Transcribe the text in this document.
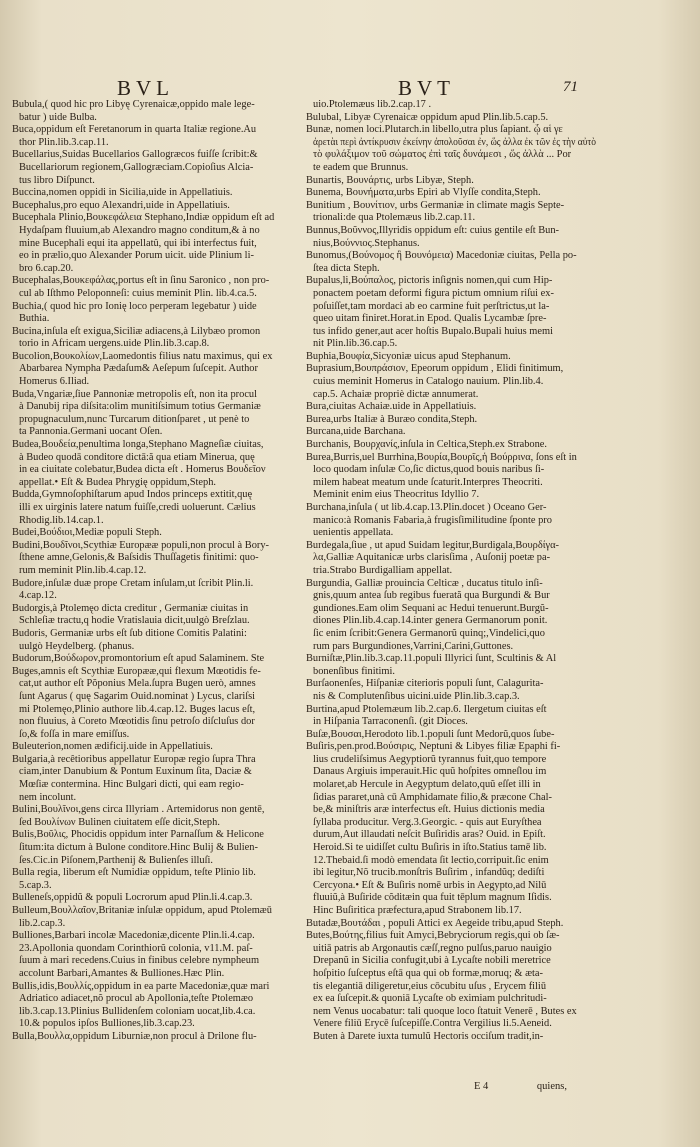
BVL	BVT	71
Bubula,( quod hic pro Libyę Cyrenaicæ,oppido male lege-
batur ) uide Bulba.
Buca,oppidum eſt Feretanorum in quarta Italiæ regione.Au
thor Plin.lib.3.cap.11.
Bucellarius,Suidas Bucellarios Gallogræcos fuiſſe ſcribit:&
Bucellariorum regionem,Gallogræciam.Copioſius Alcia-
tus libro Diſpunct.
Buccina,nomen oppidi in Sicilia,uide in Appellatiuis.
Bucephalus,pro equo Alexandri,uide in Appellatiuis.
Bucephala Plinio,Βουκεφάλεια Stephano,Indiæ oppidum eſt ad
Hydaſpam fluuium,ab Alexandro magno conditum,& à no
mine Bucephali equi ita appellatû, qui ibi interfectus fuit,
eo in prælio,quo Alexander Porum uicit. uide Plinium li-
bro 6.cap.20.
Bucephalas,Βουκεφάλας,portus eſt in ſinu Saronico , non pro-
cul ab Iſthmo Peloponneſi: cuius meminit Plin. lib.4.ca.5.
Buchia,( quod hic pro Ionię loco perperam legebatur ) uide
Buthia.
Bucina,inſula eſt exigua,Siciliæ adiacens,à Lilybæo promon
torio in Africam uergens.uide Plin.lib.3.cap.8.
Bucolion,Βουκολίων,Laomedontis filius natu maximus, qui ex
Abarbarea Nympha Pædaſum& Aeſepum ſuſcepit. Author
Homerus 6.Iliad.
Buda,Vngariæ,ſiue Pannoniæ metropolis eſt, non ita procul
à Danubij ripa diſsita:olim munitiſsimum totius Germaniæ
propugnaculum,nunc Turcarum ditionſparet , ut penè to
ta Pannonia.Germani uocant Oſen.
Budea,Βουδεία,penultima longa,Stephano Magneſiæ ciuitas,
à Budeo quodā conditore dictā:ă qua etiam Minerua, quę
in ea ciuitate colebatur,Budea dicta eſt . Homerus Βουδεῖον
appellat.• Eſt & Budea Phrygię oppidum,Steph.
Budda,Gymnoſophiſtarum apud Indos princeps extitit,quę
illi ex uirginis latere natum fuiſſe,credi uoluerunt. Cælius
Rhodig.lib.14.cap.1.
Budei,Βούδιοι,Mediæ populi Steph.
Budini,Βουδῖνοι,Scythiæ Europææ populi,non procul à Bory-
ſthene amne,Gelonis,& Baſsidis Thuſſagetis finitimi: quo-
rum meminit Plin.lib.4.cap.12.
Budore,inſulæ duæ prope Cretam inſulam,ut ſcribit Plin.li.
4.cap.12.
Budorgis,à Ptolemęo dicta creditur , Germaniæ ciuitas in
Schleſiæ tractu,q hodie Vratislauia dicit,uulgò Breſzlau.
Budoris, Germaniæ urbs eſt ſub ditione Comitis Palatini:
uulgò Heydelberg. (phanus.
Budorum,Βούδωρον,promontorium eſt apud Salaminem. Ste
Buges,amnis eſt Scythiæ Europææ,qui flexum Mœotidis fe-
cat,ut author eſt Pŏponius Mela.ſupra Bugen uerò, amnes
ſunt Agarus ( quę Sagarim Ouid.nominat ) Lycus, clariſsi
mi Ptolemęo,Plinio authore lib.4.cap.12. Buges lacus eſt,
non fluuius, à Coreto Mœotidis ſinu petroſo diſcluſus dor
ſo,& foſſa in mare emiſſus.
Buleuterion,nomen ædificij.uide in Appellatiuis.
Bulgaria,à recêtioribus appellatur Europæ regio ſupra Thra
ciam,inter Danubium & Pontum Euxinum ſita, Daciæ &
Mœſiæ contermina. Hinc Bulgari dicti, qui eam regio-
nem incolunt.
Bulini,Βουλῖνοι,gens circa Illyriam . Artemidorus non gentē,
ſed Βουλίνων Bulinen ciuitatem eſſe dicit,Steph.
Bulis,Βοῦλις, Phocidis oppidum inter Parnaſſum & Helicone
ſitum:ita dictum à Bulone conditore.Hinc Bulij & Bulien-
ſes.Cic.in Piſonem,Parthenij & Bulienſes illuſi.
Bulla regia, liberum eſt Numidiæ oppidum, teſte Plinio lib.
5.cap.3.
Bulleneſs,oppidũ & populi Locrorum apud Plin.li.4.cap.3.
Bulleum,Βουλλαῖον,Britaniæ inſulæ oppidum, apud Ptolemæū
lib.2.cap.3.
Bulliones,Barbari incolæ Macedoniæ,dicente Plin.li.4.cap.
23.Apollonia quondam Corinthiorũ colonia, v11.M. paſ-
ſuum à mari recedens.Cuius in finibus celebre nympheum
accolunt Barbari,Amantes & Bulliones.Hæc Plin.
Bullis,idis,Βουλλίς,oppidum in ea parte Macedoniæ,quæ mari
Adriatico adiacet,nõ procul ab Apollonia,teſte Ptolemæo
lib.3.cap.13.Plinius Bullidenſem coloniam uocat,lib.4.ca.
10.& populos ipſos Bulliones,lib.3.cap.23.
Bulla,Βουλλα,oppidum Liburniæ,non procul à Drilone flu-
uio.Ptolemæus lib.2.cap.17 .
Bulubal, Libyæ Cyrenaicæ oppidum apud Plin.lib.5.cap.5.
Bunæ, nomen loci.Plutarch.in libello,utra plus ſapiant. ᾧ αἱ γε
ἀρετὰι περὶ ἀντίκρυσιν ἐκείνην ἀπολοῦσαι ἐν, ὥς ἀλλα ἐκ τῶν ἐς τὴν αὐτὸ
τὸ φυλάξιμον τοῦ σώματος ἐπὶ ταῖς δυνάμεσι , ὥς ἀλλὰ ... Por
te eadem que Brunnus.
Bunartis, Βουνάρτις, urbs Libyæ, Steph.
Bunema, Βουνήματα,urbs Epiri ab Vlyſſe condita,Steph.
Bunitium , Βουνίτιον, urbs Germaniæ in climate magis Septe-
trionali:de qua Ptolemæus lib.2.cap.11.
Bunnus,Βοῦννος,Illyridis oppidum eſt: cuius gentile eſt Bun-
nius,Βούννιος.Stephanus.
Bunomus,(Βούνομος ἢ Βουνόμεια) Macedoniæ ciuitas, Pella po-
ſtea dicta Steph.
Bupalus,li,Βούπαλος, pictoris inſignis nomen,qui cum Hip-
ponactem poetam deformi figura pictum omnium riſui ex-
poſuiſſet,tam mordaci ab eo carmine fuit perſtrictus,ut la-
queo uitam finiret.Horat.in Epod. Qualis Lycambæ ſpre-
tus infido gener,aut acer hoſtis Bupalo.Bupali huius memi
nit Plin.lib.36.cap.5.
Buphia,Βουφία,Sicyoniæ uicus apud Stephanum.
Buprasium,Βουπράσιον, Epeorum oppidum , Elidi finitimum,
cuius meminit Homerus in Catalogo nauium. Plin.lib.4.
cap.5. Achaiæ propriè dictæ annumerat.
Bura,ciuitas Achaiæ.uide in Appellatiuis.
Burea,urbs Italiæ à Buræo condita,Steph.
Burcana,uide Barchana.
Burchanis, Βουρχανίς,inſula in Celtica,Steph.ex Strabone.
Burea,Burris,uel Burrhina,Βουρία,Βουρῖς,ἡ Βούρρινα, ſons eſt in
loco quodam inſulæ Co,ſic dictus,quod bouis naribus ſi-
milem habeat meatum unde ſcaturit.Interpres Theocriti.
Meminit enim eius Theocritus Idyllio 7.
Burchana,inſula ( ut lib.4.cap.13.Plin.docet ) Oceano Ger-
manico:à Romanis Fabaria,à frugisſimilitudine ſponte pro
uenientis appellata.
Burdegala,ſiue , ut apud Suidam legitur,Burdigala,Βουρδίγα-
λα,Galliæ Aquitanicæ urbs clarisſima , Auſonij poetæ pa-
tria.Strabo Burdigalliam appellat.
Burgundia, Galliæ prouincia Celticæ , ducatus titulo inſi-
gnis,quum antea ſub regibus fuerată qua Burgundi & Bur
gundiones.Eam olim Sequani ac Hedui tenuerunt.Burgũ-
diones Plin.lib.4.cap.14.inter genera Germanorum ponit.
ſic enim ſcribit:Genera Germanorũ quinq;,Vindelici,quo
rum pars Burgundiones,Varrini,Carini,Guttones.
Burniſtæ,Plin.lib.3.cap.11.populi Illyrici ſunt, Scultinis & Al
bonenſibus finitimi.
Burſaonenſes, Hiſpaniæ citerioris populi ſunt, Calagurita-
nis & Complutenſibus uicini.uide Plin.lib.3.cap.3.
Burtina,apud Ptolemæum lib.2.cap.6. Ilergetum ciuitas eſt
in Hiſpania Tarraconenſi. (git Dioces.
Buſæ,Βουσαι,Herodoto lib.1.populi ſunt Medorũ,quos ſube-
Buſiris,pen.prod.Βούσιρις, Neptuni & Libyes filiæ Epaphi fi-
lius crudeliſsimus Aegyptiorũ tyrannus fuit,quo tempore
Danaus Argiuis imperauit.Hic quũ hoſpites omneſlou im
molaret,ab Hercule in Aegyptum delato,quũ eſſet illi in
ſidias pararet,unà cū Amphidamate filio,& præcone Chal-
be,& miniſtris aræ interfectus eſt. Huius dictionis media
ſyllaba producitur. Verg.3.Georgic. - quis aut Euryſthea
durum,Aut illaudati neſcit Buſiridis aras? Ouid. in Epiſt.
Heroid.Si te uidiſſet cultu Buſiris in iſto.Statius tamē lib.
12.Thebaid.ſi modò emendata ſit lectio,corripuit.ſic enim
ibi legitur,Nõ trucib.monſtris Buſirim , infandũq; dediſti
Cercyona.• Eſt & Buſiris nomē urbis in Aegypto,ad Nilū
fluuiũ,à Buſiride cõditæin qua fuit tēplum magnum Iſidis.
Hinc Buſiritica præfectura,apud Strabonem lib.17.
Butadæ,Βουτάδαι , populi Attici ex Aegeide tribu,apud Steph.
Butes,Βούτης,filius fuit Amyci,Bebryciorum regis,qui ob ſæ-
uitiā patris ab Argonautis cæſſ,regno pulſus,paruo nauigio
Drepanũ in Sicilia confugit,ubi à Lycaſte nobili meretrice
hoſpitio ſuſceptus eſtā qua qui ob formæ,moruq; & æta-
tis elegantiā diligeretur,eius cōcubitu uſus , Erycem filiū
ex ea ſuſcepit.& quoniā Lycaſte ob eximiam pulchritudi-
nem Venus uocabatur: tali quoque loco ſtatuit Venerē , Butes ex
Venere filiū Erycē ſuſcepiſſe.Contra Vergilius li.5.Aeneid.
Buten à Darete iuxta tumulũ Hectoris occiſum tradit,in-
E 4	quiens,
